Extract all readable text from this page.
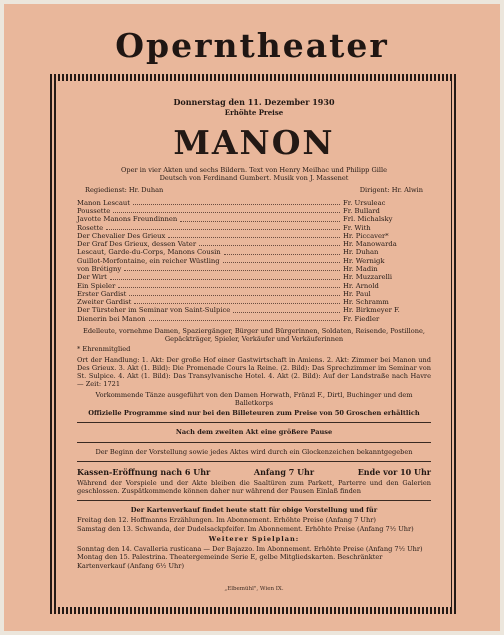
Operntheater
Donnerstag den 11. Dezember 1930
Erhöhte Preise
MANON
Oper in vier Akten und sechs Bildern. Text von Henry Meilhac und Philipp Gille
Deutsch von Ferdinand Gumbert. Musik von J. Massenet
Regiedienst: Hr. Duhan	Dirigent: Hr. Alwin
Manon Lescaut	Fr. Ursuleac
Poussette	Fr. Bullard
Javotte Manons Freundinnen	Frl. Michalsky
Rosette	Fr. With
Der Chevalier Des Grieux	Hr. Piccaver*
Der Graf Des Grieux, dessen Vater	Hr. Manowarda
Lescaut, Garde-du-Corps, Manons Cousin	Hr. Duhan
Guillot-Morfontaine, ein reicher Wüstling	Hr. Wernigk
von Brétigny	Hr. Madin
Der Wirt	Hr. Muzzarelli
Ein Spieler	Hr. Arnold
Erster Gardist	Hr. Paul
Zweiter Gardist	Hr. Schramm
Der Türsteher im Seminar von Saint-Sulpice	Hr. Birkmeyer F.
Dienerin bei Manon	Fr. Fiedler
Edelleute, vornehme Damen, Spaziergänger, Bürger und Bürgerinnen, Soldaten, Reisende, Postillone, Gepäckträger, Spieler, Verkäufer und Verkäuferinnen
* Ehrenmitglied
Ort der Handlung: 1. Akt: Der große Hof einer Gastwirtschaft in Amiens. 2. Akt: Zimmer bei Manon und Des Grieux. 3. Akt (1. Bild): Die Promenade Cours la Reine. (2. Bild): Das Sprechzimmer im Seminar von St. Sulpice. 4. Akt (1. Bild): Das Transylvanische Hotel. 4. Akt (2. Bild): Auf der Landstraße nach Havre — Zeit: 1721
Vorkommende Tänze ausgeführt von den Damen Horwath, Fränzl F., Dirtl, Buchinger und dem Balletkorps
Offizielle Programme sind nur bei den Billeteuren zum Preise von 50 Groschen erhältlich
Nach dem zweiten Akt eine größere Pause
Der Beginn der Vorstellung sowie jedes Aktes wird durch ein Glockenzeichen bekanntgegeben
Kassen-Eröffnung nach 6 Uhr	Anfang 7 Uhr	Ende vor 10 Uhr
Während der Vorspiele und der Akte bleiben die Saaltüren zum Parkett, Parterre und den Galerien geschlossen. Zuspätkommende können daher nur während der Pausen Einlaß finden
Der Kartenverkauf findet heute statt für obige Vorstellung und für
Freitag den 12. Hoffmanns Erzählungen. Im Abonnement. Erhöhte Preise (Anfang 7 Uhr)
Samstag den 13. Schwanda, der Dudelsackpfeifer. Im Abonnement. Erhöhte Preise (Anfang 7½ Uhr)
Weiterer Spielplan:
Sonntag den 14. Cavalleria rusticana — Der Bajazzo. Im Abonnement. Erhöhte Preise (Anfang 7½ Uhr)
Montag den 15. Palestrina. Theatergemeinde Serie E, gelbe Mitgliedskarten. Beschränkter Kartenverkauf (Anfang 6½ Uhr)
„Elbemühl", Wien IX.
